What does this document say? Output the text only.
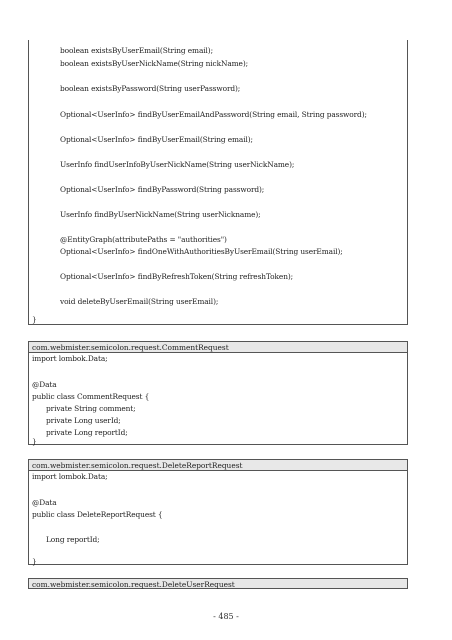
boolean existsByUserEmail(String email);
boolean existsByUserNickName(String nickName);
boolean existsByPassword(String userPassword);
Optional<UserInfo> findByUserEmailAndPassword(String email, String password);
Optional<UserInfo> findByUserEmail(String email);
UserInfo findUserInfoByUserNickName(String userNickName);
Optional<UserInfo> findByPassword(String password);
UserInfo findByUserNickName(String userNickname);
@EntityGraph(attributePaths = "authorities")
Optional<UserInfo> findOneWithAuthoritiesByUserEmail(String userEmail);
Optional<UserInfo> findByRefreshToken(String refreshToken);
void deleteByUserEmail(String userEmail);
}
com.webmister.semicolon.request.CommentRequest
import lombok.Data;
@Data
public class CommentRequest {
private String comment;
private Long userId;
private Long reportId;
}
com.webmister.semicolon.request.DeleteReportRequest
import lombok.Data;
@Data
public class DeleteReportRequest {
Long reportId;
}
com.webmister.semicolon.request.DeleteUserRequest
- 485 -
